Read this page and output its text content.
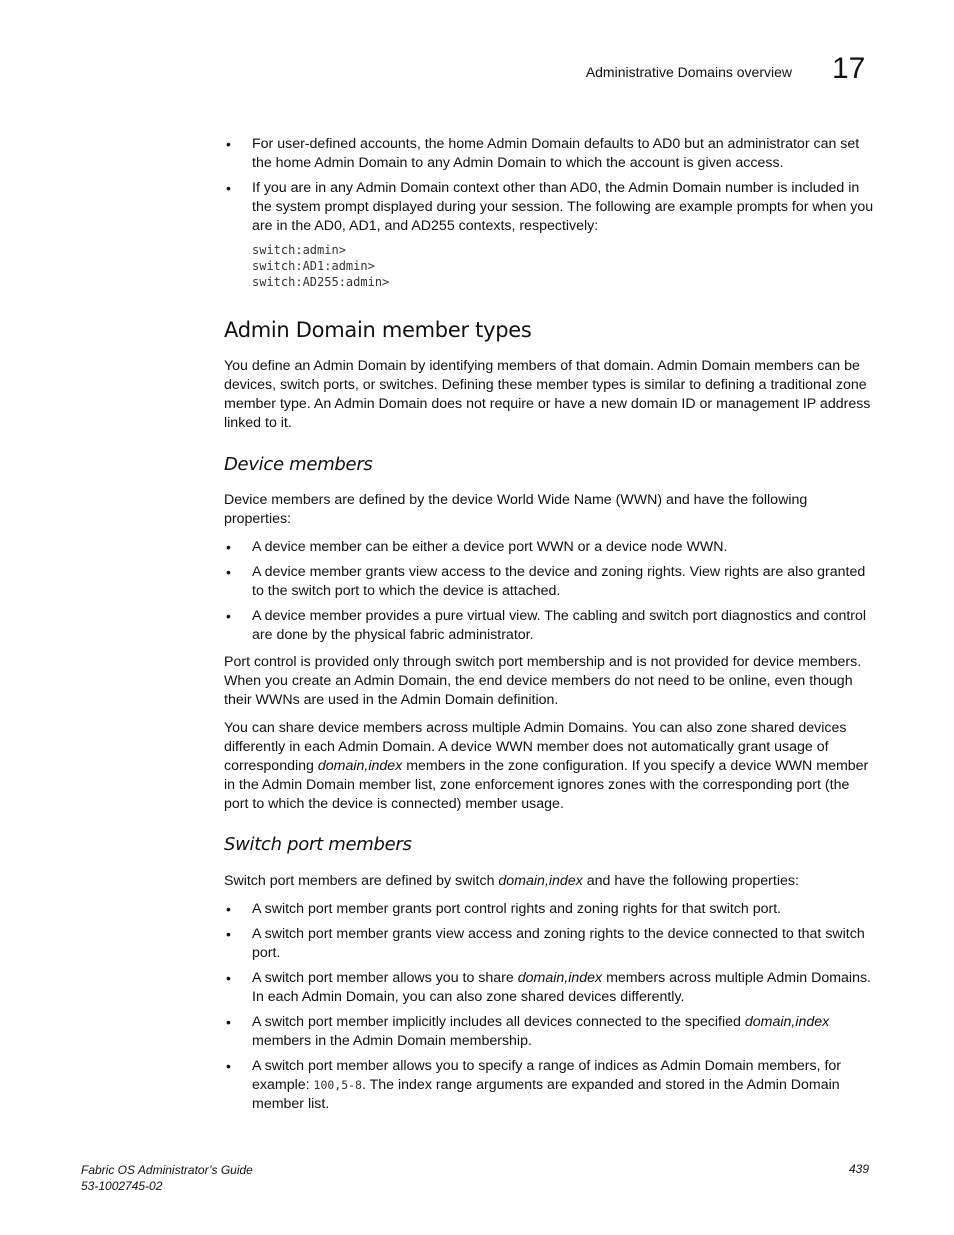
Administrative Domains overview 17
• For user-defined accounts, the home Admin Domain defaults to AD0 but an administrator can set the home Admin Domain to any Admin Domain to which the account is given access.
• If you are in any Admin Domain context other than AD0, the Admin Domain number is included in the system prompt displayed during your session. The following are example prompts for when you are in the AD0, AD1, and AD255 contexts, respectively:
switch:admin>
switch:AD1:admin>
switch:AD255:admin>
Admin Domain member types

You define an Admin Domain by identifying members of that domain. Admin Domain members can be devices, switch ports, or switches. Defining these member types is similar to defining a traditional zone member type. An Admin Domain does not require or have a new domain ID or management IP address linked to it.

Device members

Device members are defined by the device World Wide Name (WWN) and have the following properties:

• A device member can be either a device port WWN or a device node WWN.
• A device member grants view access to the device and zoning rights. View rights are also granted to the switch port to which the device is attached.
• A device member provides a pure virtual view. The cabling and switch port diagnostics and control are done by the physical fabric administrator.

Port control is provided only through switch port membership and is not provided for device members. When you create an Admin Domain, the end device members do not need to be online, even though their WWNs are used in the Admin Domain definition.

You can share device members across multiple Admin Domains. You can also zone shared devices differently in each Admin Domain. A device WWN member does not automatically grant usage of corresponding domain,index members in the zone configuration. If you specify a device WWN member in the Admin Domain member list, zone enforcement ignores zones with the corresponding port (the port to which the device is connected) member usage.

Switch port members

Switch port members are defined by switch domain,index and have the following properties:

• A switch port member grants port control rights and zoning rights for that switch port.
• A switch port member grants view access and zoning rights to the device connected to that switch port.
• A switch port member allows you to share domain,index members across multiple Admin Domains. In each Admin Domain, you can also zone shared devices differently.
• A switch port member implicitly includes all devices connected to the specified domain,index members in the Admin Domain membership.
• A switch port member allows you to specify a range of indices as Admin Domain members, for example: 100,5-8. The index range arguments are expanded and stored in the Admin Domain member list.
Fabric OS Administrator’s Guide
53-1002745-02
439
